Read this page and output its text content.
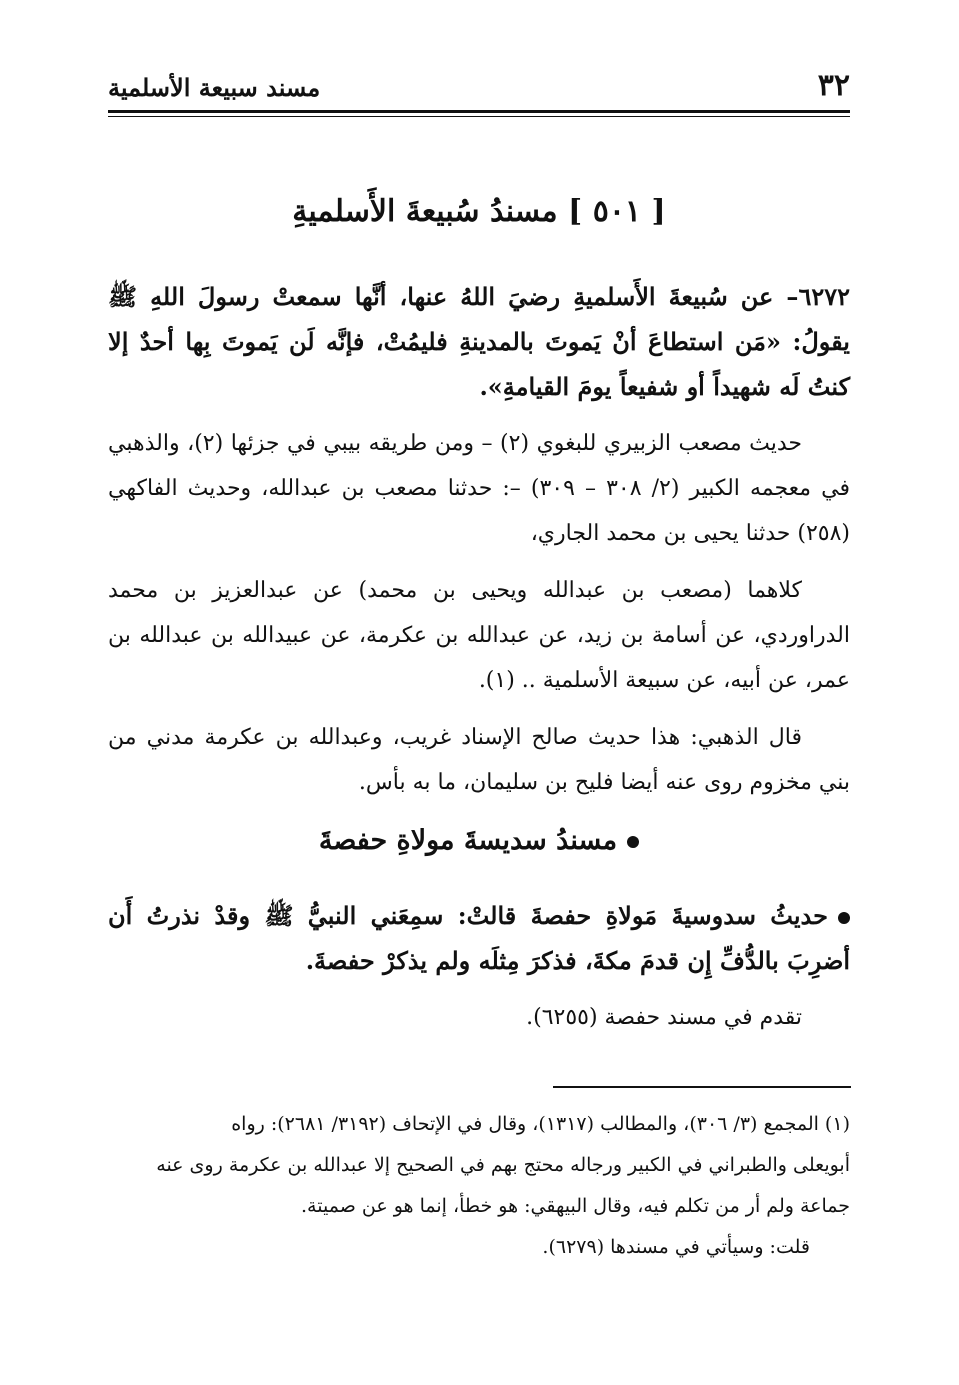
٣٢
مسند سبيعة الأسلمية
[ ٥٠١ ] مسندُ سُبيعةَ الأَسلميةِ

٦٢٧٢– عن سُبيعةَ الأَسلميةِ رضيَ اللهُ عنها، أنَّها سمعتْ رسولَ اللهِ ﷺ يقولُ: «مَن استطاعَ أنْ يَموتَ بالمدينةِ فليمُتْ، فإنَّه لَن يَموتَ بِها أحدٌ إلا كنتُ لَه شهيداً أو شفيعاً يومَ القيامةِ».

حديث مصعب الزبيري للبغوي (٢) – ومن طريقه بيبي في جزئها (٢)، والذهبي في معجمه الكبير (٢/ ٣٠٨ – ٣٠٩) –: حدثنا مصعب بن عبدالله، وحديث الفاكهي (٢٥٨) حدثنا يحيى بن محمد الجاري،

كلاهما (مصعب بن عبدالله ويحيى بن محمد) عن عبدالعزيز بن محمد الدراوردي، عن أسامة بن زيد، عن عبدالله بن عكرمة، عن عبيدالله بن عبدالله بن عمر، عن أبيه، عن سبيعة الأسلمية .. (١).

قال الذهبي: هذا حديث صالح الإسناد غريب، وعبدالله بن عكرمة مدني من بني مخزوم روى عنه أيضا فليح بن سليمان، ما به بأس.

مسندُ سديسةَ مولاةِ حفصةَ

حديثُ سدوسيةَ مَولاةِ حفصةَ قالتْ: سمِعَني النبيُّ ﷺ وقدْ نذرتُ أَن أضرِبَ بالدُّفِّ إِن قدمَ مكةَ، فذكرَ مِثلَه ولم يذكرْ حفصةَ.

تقدم في مسند حفصة (٦٢٥٥).

(١) المجمع (٣/ ٣٠٦)، والمطالب (١٣١٧)، وقال في الإتحاف (٣١٩٢/ ٢٦٨١): رواه

أبويعلى والطبراني في الكبير ورجاله محتج بهم في الصحيح إلا عبدالله بن عكرمة روى عنه

جماعة ولم أر من تكلم فيه، وقال البيهقي: هو خطأ، إنما هو عن صميتة.

قلت: وسيأتي في مسندها (٦٢٧٩).
